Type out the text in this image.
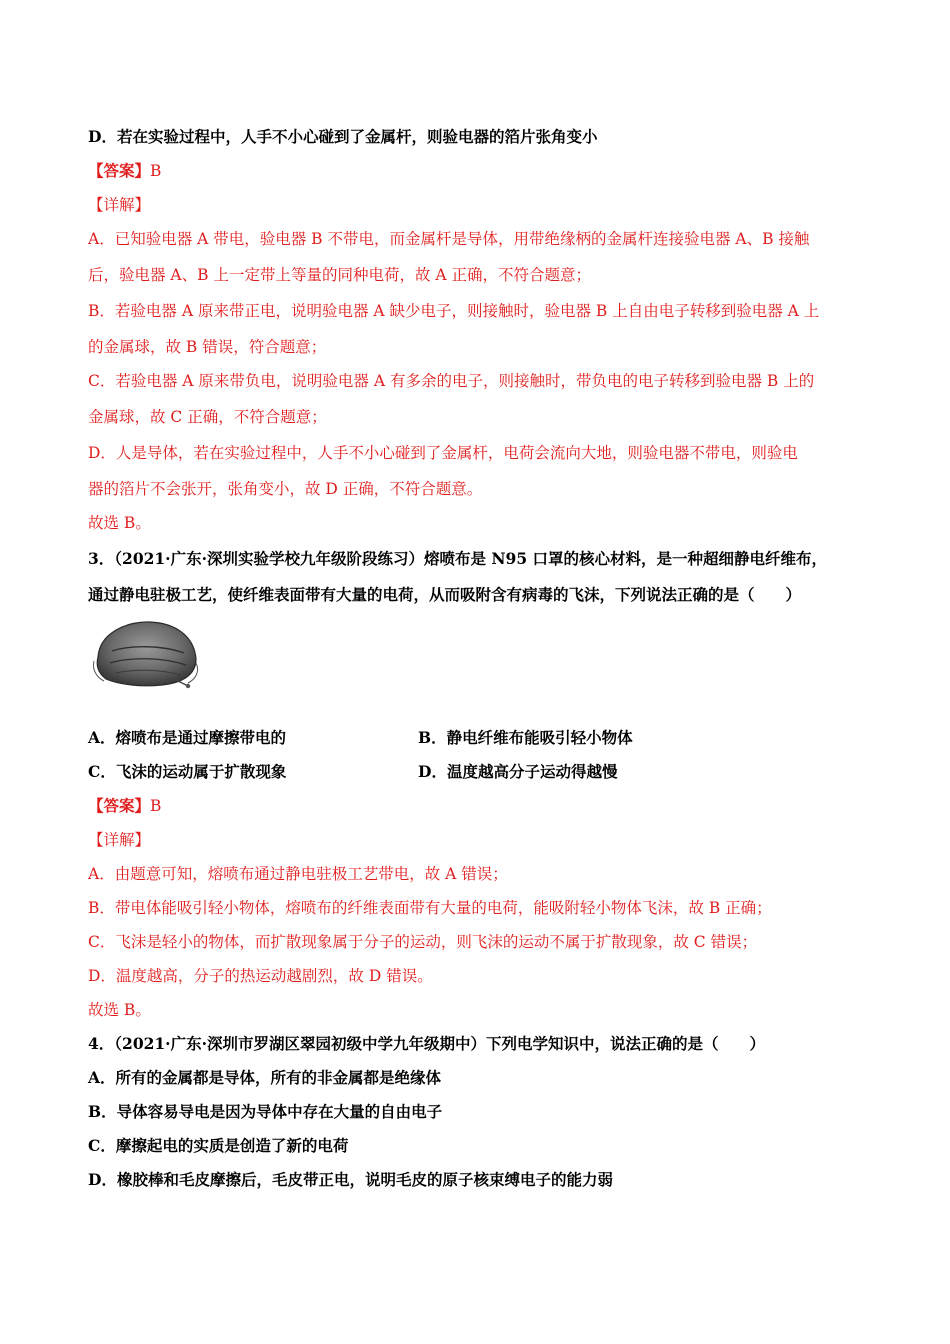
D．若在实验过程中，人手不小心碰到了金属杆，则验电器的箔片张角变小
【答案】B
【详解】
A．已知验电器 A 带电，验电器 B 不带电，而金属杆是导体，用带绝缘柄的金属杆连接验电器 A、B 接触
后，验电器 A、B 上一定带上等量的同种电荷，故 A 正确，不符合题意；
B．若验电器 A 原来带正电，说明验电器 A 缺少电子，则接触时，验电器 B 上自由电子转移到验电器 A 上
的金属球，故 B 错误，符合题意；
C．若验电器 A 原来带负电，说明验电器 A 有多余的电子，则接触时，带负电的电子转移到验电器 B 上的
金属球，故 C 正确，不符合题意；
D．人是导体，若在实验过程中，人手不小心碰到了金属杆，电荷会流向大地，则验电器不带电，则验电
器的箔片不会张开，张角变小，故 D 正确，不符合题意。
故选 B。
3．（2021·广东·深圳实验学校九年级阶段练习）熔喷布是 N95 口罩的核心材料，是一种超细静电纤维布，
通过静电驻极工艺，使纤维表面带有大量的电荷，从而吸附含有病毒的飞沫，下列说法正确的是（　　）
A．熔喷布是通过摩擦带电的	B．静电纤维布能吸引轻小物体
C．飞沫的运动属于扩散现象	D．温度越高分子运动得越慢
【答案】B
【详解】
A．由题意可知，熔喷布通过静电驻极工艺带电，故 A 错误；
B．带电体能吸引轻小物体，熔喷布的纤维表面带有大量的电荷，能吸附轻小物体飞沫，故 B 正确；
C．飞沫是轻小的物体，而扩散现象属于分子的运动，则飞沫的运动不属于扩散现象，故 C 错误；
D．温度越高，分子的热运动越剧烈，故 D 错误。
故选 B。
4．（2021·广东·深圳市罗湖区翠园初级中学九年级期中）下列电学知识中，说法正确的是（　　）
A．所有的金属都是导体，所有的非金属都是绝缘体
B．导体容易导电是因为导体中存在大量的自由电子
C．摩擦起电的实质是创造了新的电荷
D．橡胶棒和毛皮摩擦后，毛皮带正电，说明毛皮的原子核束缚电子的能力弱
